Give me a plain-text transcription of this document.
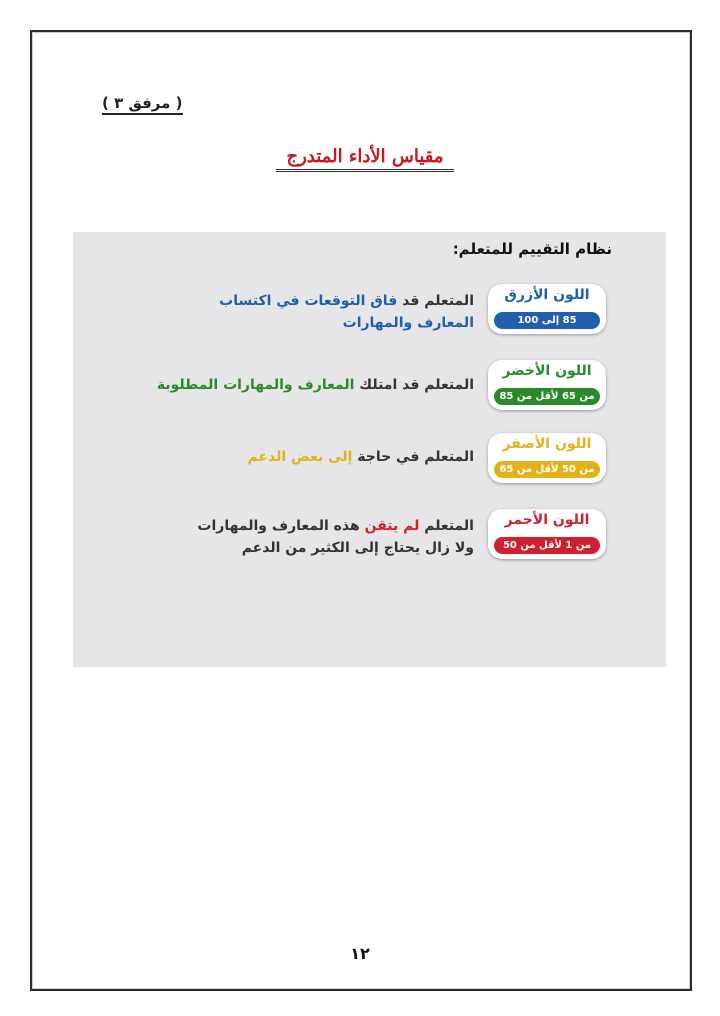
( مرفق ٣ )
مقياس الأداء المتدرج
نظام التقييم للمتعلم:
اللون الأزرق
85 إلى 100
المتعلم قد فاق التوقعات في اكتساب المعارف والمهارات
اللون الأخضر
من 65 لأقل من 85
المتعلم قد امتلك المعارف والمهارات المطلوبة
اللون الأصفر
من 50 لأقل من 65
المتعلم في حاجة إلى بعض الدعم
اللون الأحمر
من 1 لأقل من 50
المتعلم لم يتقن هذه المعارف والمهارات ولا زال يحتاج إلى الكثير من الدعم
١٢
